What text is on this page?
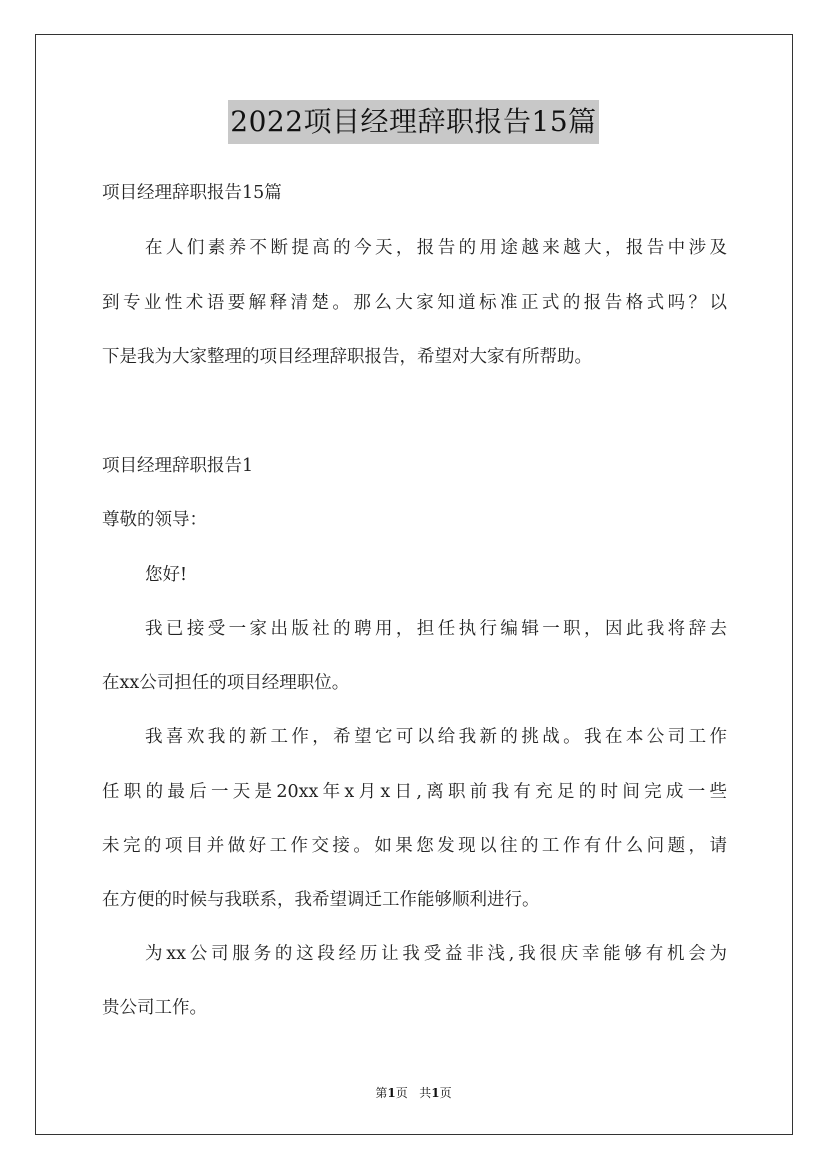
2022项目经理辞职报告15篇
项目经理辞职报告15篇
在人们素养不断提高的今天，报告的用途越来越大，报告中涉及
到专业性术语要解释清楚。那么大家知道标准正式的报告格式吗？以
下是我为大家整理的项目经理辞职报告，希望对大家有所帮助。
项目经理辞职报告1
尊敬的领导：
您好!
我已接受一家出版社的聘用，担任执行编辑一职，因此我将辞去
在xx公司担任的项目经理职位。
我喜欢我的新工作，希望它可以给我新的挑战。我在本公司工作
任职的最后一天是20xx年x月x日,离职前我有充足的时间完成一些
未完的项目并做好工作交接。如果您发现以往的工作有什么问题，请
在方便的时候与我联系，我希望调迁工作能够顺利进行。
为xx公司服务的这段经历让我受益非浅,我很庆幸能够有机会为
贵公司工作。
第1页 共1页
